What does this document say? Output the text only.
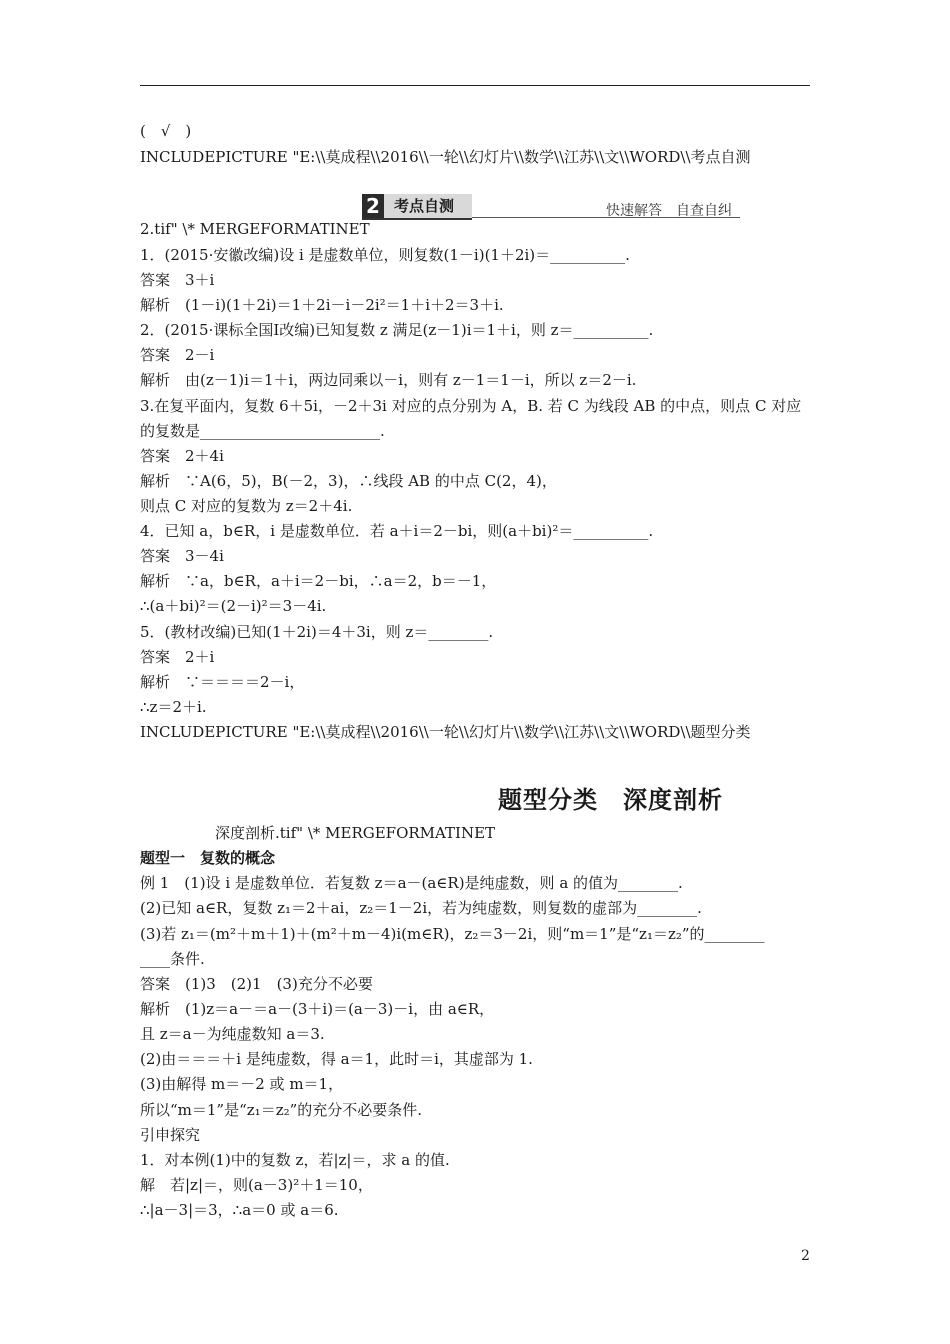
(　√　)
INCLUDEPICTURE "E:\\莫成程\\2016\\一轮\\幻灯片\\数学\\江苏\\文\\WORD\\考点自测
2 考点自测	快速解答　自查自纠
2.tif" \* MERGEFORMATINET
1．(2015·安徽改编)设 i 是虚数单位，则复数(1－i)(1＋2i)＝__________.
答案　3＋i
解析　(1－i)(1＋2i)＝1＋2i－i－2i²＝1＋i＋2＝3＋i.
2．(2015·课标全国Ⅰ改编)已知复数 z 满足(z－1)i＝1＋i，则 z＝__________.
答案　2－i
解析　由(z－1)i＝1＋i，两边同乘以－i，则有 z－1＝1－i，所以 z＝2－i.
3.在复平面内，复数 6＋5i，－2＋3i 对应的点分别为 A，B. 若 C 为线段 AB 的中点，则点 C 对应
的复数是________________________.
答案　2＋4i
解析　∵A(6，5)，B(－2，3)，∴线段 AB 的中点 C(2，4)，
则点 C 对应的复数为 z＝2＋4i.
4．已知 a，b∈R，i 是虚数单位．若 a＋i＝2－bi，则(a＋bi)²＝__________.
答案　3－4i
解析　∵a，b∈R，a＋i＝2－bi，∴a＝2，b＝－1，
∴(a＋bi)²＝(2－i)²＝3－4i.
5．(教材改编)已知(1＋2i)＝4＋3i，则 z＝________.
答案　2＋i
解析　∵＝＝＝＝2－i，
∴z＝2＋i.
INCLUDEPICTURE "E:\\莫成程\\2016\\一轮\\幻灯片\\数学\\江苏\\文\\WORD\\题型分类
题型分类　深度剖析
　　　　　深度剖析.tif" \* MERGEFORMATINET
题型一　复数的概念
例 1　(1)设 i 是虚数单位．若复数 z＝a－(a∈R)是纯虚数，则 a 的值为________.
(2)已知 a∈R，复数 z₁＝2＋ai，z₂＝1－2i，若为纯虚数，则复数的虚部为________.
(3)若 z₁＝(m²＋m＋1)＋(m²＋m－4)i(m∈R)，z₂＝3－2i，则“m＝1”是“z₁＝z₂”的________
____条件.
答案　(1)3　(2)1　(3)充分不必要
解析　(1)z＝a－＝a－(3＋i)＝(a－3)－i，由 a∈R，
且 z＝a－为纯虚数知 a＝3.
(2)由＝＝＝＋i 是纯虚数，得 a＝1，此时＝i，其虚部为 1.
(3)由解得 m＝－2 或 m＝1，
所以“m＝1”是“z₁＝z₂”的充分不必要条件.
引申探究
1．对本例(1)中的复数 z，若|z|＝，求 a 的值.
解　若|z|＝，则(a－3)²＋1＝10，
∴|a－3|＝3，∴a＝0 或 a＝6.
2
